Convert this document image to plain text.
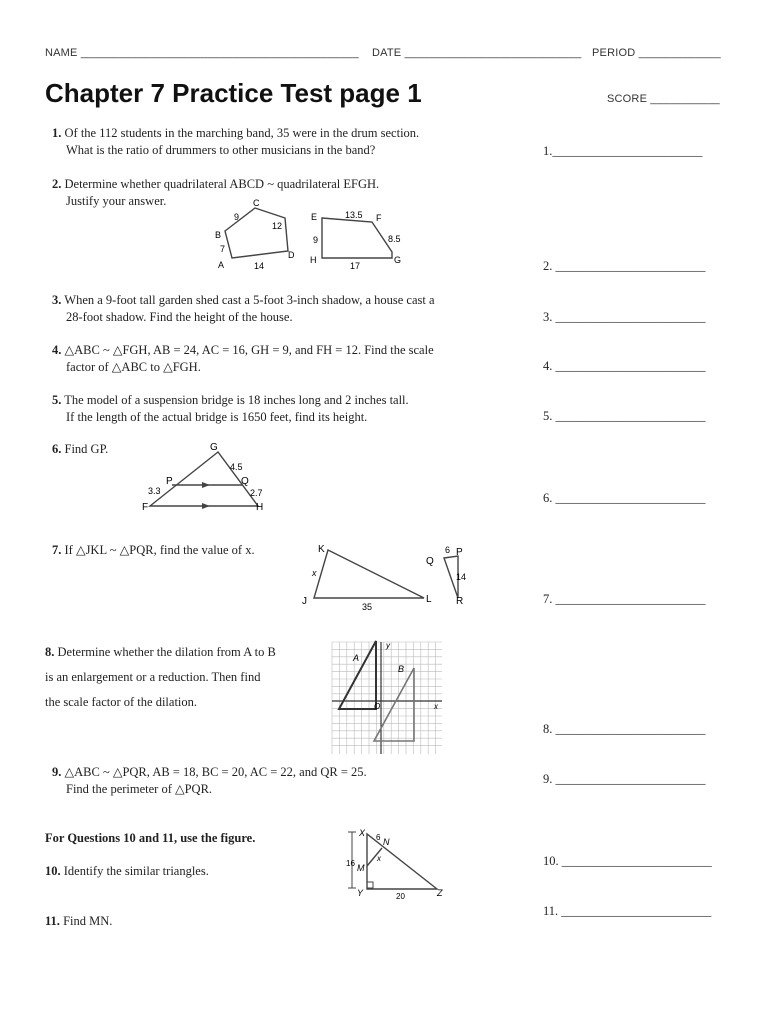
NAME ____________________________________________ DATE ____________________________ PERIOD _____________
Chapter 7 Practice Test page 1	SCORE ___________
1. Of the 112 students in the marching band, 35 were in the drum section.
What is the ratio of drummers to other musicians in the band?	1.________________________
2. Determine whether quadrilateral ABCD ~ quadrilateral EFGH.
Justify your answer.	C
9
12
B
7
D
A	14
E	13.5 F
9	8.5
H
17
G	2. ________________________
3. When a 9-foot tall garden shed cast a 5-foot 3-inch shadow, a house cast a
28-foot shadow. Find the height of the house.	3. ________________________
4. △ABC ~ △FGH, AB = 24, AC = 16, GH = 9, and FH = 12. Find the scale
factor of △ABC to △FGH.	4. ________________________
5. The model of a suspension bridge is 18 inches long and 2 inches tall.
If the length of the actual bridge is 1650 feet, find its height.	5. ________________________
6. Find GP.	G
4.5
P	Q
3.3	2.7
F	H
6. ________________________
7. If △JKL ~ △PQR, find the value of x.	K
x
J	35
L
6 P
Q
14
R	7. ________________________
8. Determine whether the dilation from A to B
is an enlargement or a reduction. Then find
the scale factor of the dilation.
A
B
y
O	x
8. ________________________
9. △ABC ~ △PQR, AB = 18, BC = 20, AC = 22, and QR = 25.
Find the perimeter of △PQR.
9. ________________________
For Questions 10 and 11, use the figure.	X 6 N
x
16 M
Y	20	Z
10. Identify the similar triangles.
10. ________________________
11. Find MN.
11. ________________________
